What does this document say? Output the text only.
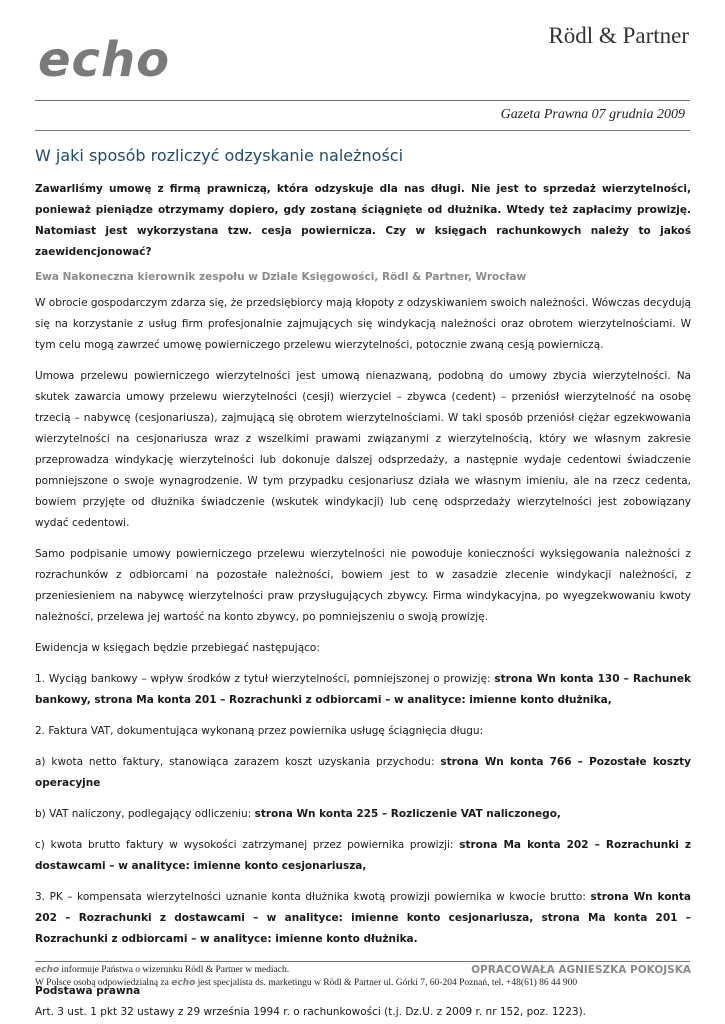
echo	Rödl & Partner
Gazeta Prawna 07 grudnia 2009
W jaki sposób rozliczyć odzyskanie należności

Zawarliśmy umowę z firmą prawniczą, która odzyskuje dla nas długi. Nie jest to sprzedaż wierzytelności, ponieważ pieniądze otrzymamy dopiero, gdy zostaną ściągnięte od dłużnika. Wtedy też zapłacimy prowizję. Natomiast jest wykorzystana tzw. cesja powiernicza. Czy w księgach rachunkowych należy to jakoś zaewidencjonować?

Ewa Nakoneczna kierownik zespołu w Dziale Księgowości, Rödl & Partner, Wrocław

W obrocie gospodarczym zdarza się, że przedsiębiorcy mają kłopoty z odzyskiwaniem swoich należności. Wówczas decydują się na korzystanie z usług firm profesjonalnie zajmujących się windykacją należności oraz obrotem wierzytelnościami. W tym celu mogą zawrzeć umowę powierniczego przelewu wierzytelności, potocznie zwaną cesją powierniczą.

Umowa przelewu powierniczego wierzytelności jest umową nienazwaną, podobną do umowy zbycia wierzytelności. Na skutek zawarcia umowy przelewu wierzytelności (cesji) wierzyciel – zbywca (cedent) – przeniósł wierzytelność na osobę trzecią – nabywcę (cesjonariusza), zajmującą się obrotem wierzytelnościami. W taki sposób przeniósł ciężar egzekwowania wierzytelności na cesjonariusza wraz z wszelkimi prawami związanymi z wierzytelnością, który we własnym zakresie przeprowadza windykację wierzytelności lub dokonuje dalszej odsprzedaży, a następnie wydaje cedentowi świadczenie pomniejszone o swoje wynagrodzenie. W tym przypadku cesjonariusz działa we własnym imieniu, ale na rzecz cedenta, bowiem przyjęte od dłużnika świadczenie (wskutek windykacji) lub cenę odsprzedaży wierzytelności jest zobowiązany wydać cedentowi.

Samo podpisanie umowy powierniczego przelewu wierzytelności nie powoduje konieczności wyksięgowania należności z rozrachunków z odbiorcami na pozostałe należności, bowiem jest to w zasadzie zlecenie windykacji należności, z przeniesieniem na nabywcę wierzytelności praw przysługujących zbywcy. Firma windykacyjna, po wyegzekwowaniu kwoty należności, przelewa jej wartość na konto zbywcy, po pomniejszeniu o swoją prowizję.

Ewidencja w księgach będzie przebiegać następująco:

1. Wyciąg bankowy – wpływ środków z tytuł wierzytelności, pomniejszonej o prowizję: strona Wn konta 130 – Rachunek bankowy, strona Ma konta 201 – Rozrachunki z odbiorcami – w analityce: imienne konto dłużnika,

2. Faktura VAT, dokumentująca wykonaną przez powiernika usługę ściągnięcia długu:

a) kwota netto faktury, stanowiąca zarazem koszt uzyskania przychodu: strona Wn konta 766 – Pozostałe koszty operacyjne

b) VAT naliczony, podlegający odliczeniu: strona Wn konta 225 – Rozliczenie VAT naliczonego,

c) kwota brutto faktury w wysokości zatrzymanej przez powiernika prowizji: strona Ma konta 202 – Rozrachunki z dostawcami – w analityce: imienne konto cesjonariusza,

3. PK – kompensata wierzytelności uznanie konta dłużnika kwotą prowizji powiernika w kwocie brutto: strona Wn konta 202 – Rozrachunki z dostawcami – w analityce: imienne konto cesjonariusza, strona Ma konta 201 – Rozrachunki z odbiorcami – w analityce: imienne konto dłużnika.

OPRACOWAŁA AGNIESZKA POKOJSKA

Podstawa prawna

Art. 3 ust. 1 pkt 32 ustawy z 29 września 1994 r. o rachunkowości (t.j. Dz.U. z 2009 r. nr 152, poz. 1223).

echo informuje Państwa o wizerunku Rödl & Partner w mediach.
W Polsce osobą odpowiedzialną za echo jest specjalista ds. marketingu w Rödl & Partner ul. Górki 7, 60-204 Poznań, tel. +48(61) 86 44 900
